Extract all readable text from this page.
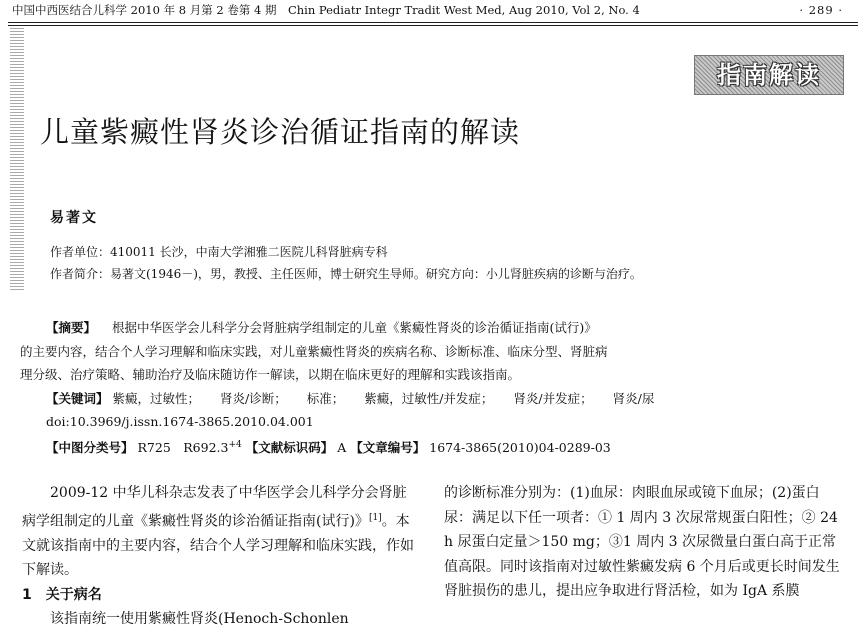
中国中西医结合儿科学 2010 年 8 月第 2 卷第 4 期　Chin Pediatr Integr Tradit West Med, Aug 2010, Vol 2, No. 4	· 289 ·
指南解读
儿童紫癜性肾炎诊治循证指南的解读
易著文
作者单位：410011 长沙，中南大学湘雅二医院儿科肾脏病专科
作者简介：易著文(1946－)，男，教授、主任医师，博士研究生导师。研究方向：小儿肾脏疾病的诊断与治疗。

【摘要】 根据中华医学会儿科学分会肾脏病学组制定的儿童《紫癜性肾炎的诊治循证指南(试行)》

的主要内容，结合个人学习理解和临床实践，对儿童紫癜性肾炎的疾病名称、诊断标准、临床分型、肾脏病

理分级、治疗策略、辅助治疗及临床随访作一解读，以期在临床更好的理解和实践该指南。

【关键词】 紫癜，过敏性； 肾炎/诊断； 标准； 紫癜，过敏性/并发症； 肾炎/并发症； 肾炎/尿

doi:10.3969/j.issn.1674-3865.2010.04.001

【中图分类号】 R725　$R692.3^{+4}$ 【文献标识码】 A 【文章编号】 1674-3865(2010)04-0289-03

2009-12 中华儿科杂志发表了中华医学会儿科学分会肾脏病学组制定的儿童《紫癜性肾炎的诊治循证指南(试行)》[1]。本文就该指南中的主要内容，结合个人学习理解和临床实践，作如下解读。

1　关于病名

该指南统一使用紫癜性肾炎(Henoch-Schonlen

的诊断标准分别为：(1)血尿：肉眼血尿或镜下血尿；(2)蛋白尿：满足以下任一项者：① 1 周内 3 次尿常规蛋白阳性；② 24 h 尿蛋白定量＞150 mg；③1 周内 3 次尿微量白蛋白高于正常值高限。同时该指南对过敏性紫癜发病 6 个月后或更长时间发生肾脏损伤的患儿，提出应争取进行肾活检，如为 IgA 系膜
